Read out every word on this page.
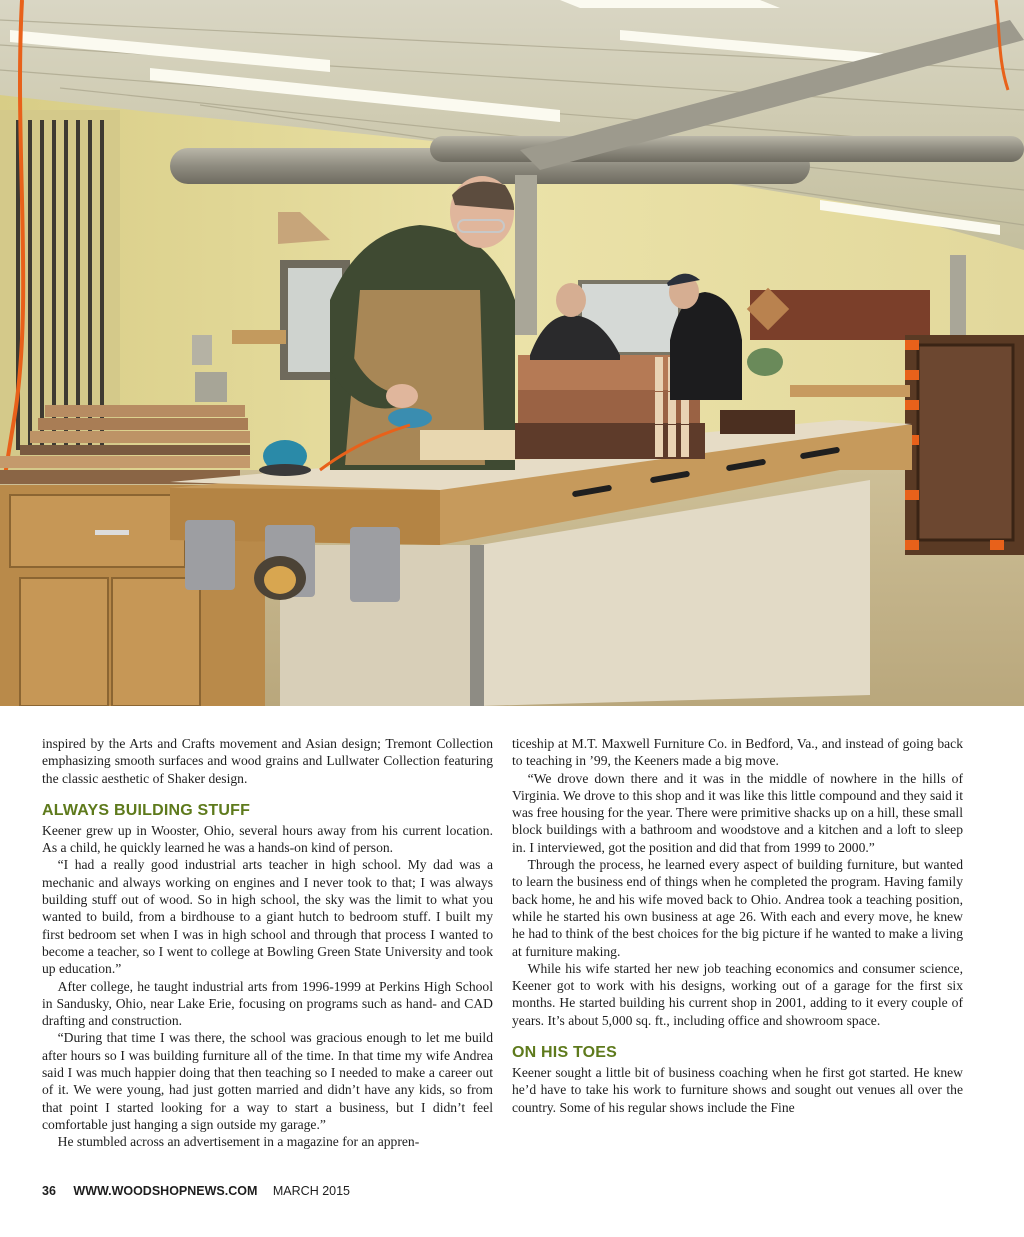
inspired by the Arts and Crafts movement and Asian design; Tremont Collection emphasizing smooth surfaces and wood grains and Lullwater Collection featuring the classic aesthetic of Shaker design.

ALWAYS BUILDING STUFF

Keener grew up in Wooster, Ohio, several hours away from his current location. As a child, he quickly learned he was a hands-on kind of person.

“I had a really good industrial arts teacher in high school. My dad was a mechanic and always working on engines and I never took to that; I was always building stuff out of wood. So in high school, the sky was the limit to what you wanted to build, from a birdhouse to a giant hutch to bedroom stuff. I built my first bedroom set when I was in high school and through that process I wanted to become a teacher, so I went to college at Bowling Green State University and took up education.”

After college, he taught industrial arts from 1996-1999 at Perkins High School in Sandusky, Ohio, near Lake Erie, focusing on programs such as hand- and CAD drafting and construction.

“During that time I was there, the school was gracious enough to let me build after hours so I was building furniture all of the time. In that time my wife Andrea said I was much happier doing that then teaching so I needed to make a career out of it. We were young, had just gotten married and didn’t have any kids, so from that point I started looking for a way to start a business, but I didn’t feel comfortable just hanging a sign outside my garage.”

He stumbled across an advertisement in a magazine for an appren-

ticeship at M.T. Maxwell Furniture Co. in Bedford, Va., and instead of going back to teaching in ’99, the Keeners made a big move.

“We drove down there and it was in the middle of nowhere in the hills of Virginia. We drove to this shop and it was like this little compound and they said it was free housing for the year. There were primitive shacks up on a hill, these small block buildings with a bathroom and woodstove and a kitchen and a loft to sleep in. I interviewed, got the position and did that from 1999 to 2000.”

Through the process, he learned every aspect of building furniture, but wanted to learn the business end of things when he completed the program. Having family back home, he and his wife moved back to Ohio. Andrea took a teaching position, while he started his own business at age 26. With each and every move, he knew he had to think of the best choices for the big picture if he wanted to make a living at furniture making.

While his wife started her new job teaching economics and consumer science, Keener got to work with his designs, working out of a garage for the first six months. He started building his current shop in 2001, adding to it every couple of years. It’s about 5,000 sq. ft., including office and showroom space.

ON HIS TOES

Keener sought a little bit of business coaching when he first got started. He knew he’d have to take his work to furniture shows and sought out venues all over the country. Some of his regular shows include the Fine

36 WWW.WOODSHOPNEWS.COM MARCH 2015
